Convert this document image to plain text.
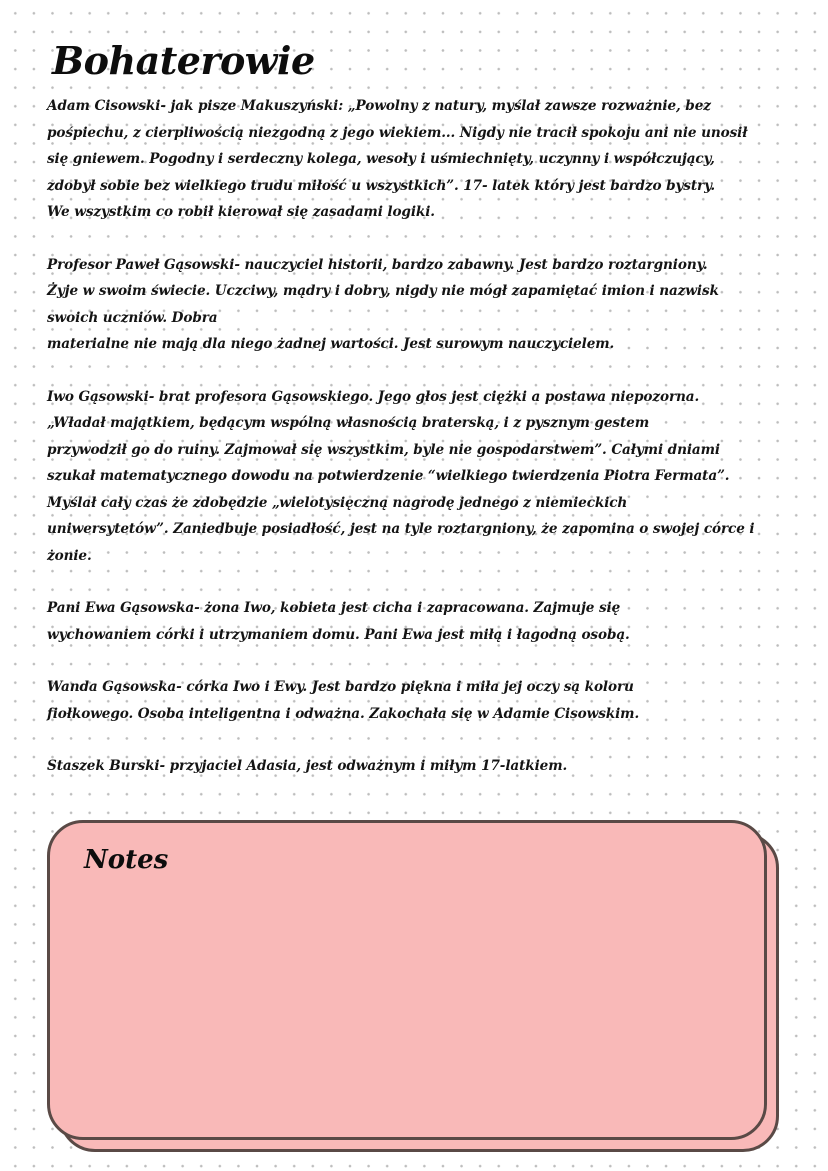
Bohaterowie

Adam Cisowski- jak pisze Makuszyński: „Powolny z natury, myślał zawsze rozważnie, bez
pośpiechu, z cierpliwością niezgodną z jego wiekiem... Nigdy nie tracił spokoju ani nie unosił
się gniewem. Pogodny i serdeczny kolega, wesoły i uśmiechnięty, uczynny i współczujący,
zdobył sobie bez wielkiego trudu miłość u wszystkich”. 17- latek który jest bardzo bystry.
We wszystkim co robił kierował się zasadami logiki.

Profesor Paweł Gąsowski- nauczyciel historii, bardzo zabawny. Jest bardzo roztargniony.
Żyje w swoim świecie. Uczciwy, mądry i dobry, nigdy nie mógł zapamiętać imion i nazwisk
swoich uczniów. Dobra
materialne nie mają dla niego żadnej wartości. Jest surowym nauczycielem.

Iwo Gąsowski- brat profesora Gąsowskiego. Jego głos jest ciężki a postawa niepozorna.
„Władał majątkiem, będącym wspólną własnością braterską, i z pysznym gestem
przywodził go do ruiny. Zajmował się wszystkim, byle nie gospodarstwem”. Całymi dniami
szukał matematycznego dowodu na potwierdzenie “wielkiego twierdzenia Piotra Fermata”.
Myślał cały czas że zdobędzie „wielotysięczną nagrodę jednego z niemieckich
uniwersytetów”. Zaniedbuje posiadłość, jest na tyle roztargniony, że zapomina o swojej córce i
żonie.

Pani Ewa Gąsowska- żona Iwo, kobieta jest cicha i zapracowana. Zajmuje się
wychowaniem córki i utrzymaniem domu. Pani Ewa jest miłą i łagodną osobą.

Wanda Gąsowska- córka Iwo i Ewy. Jest bardzo piękna i miła jej oczy są koloru
fiołkowego. Osoba inteligentna i odważna. Zakochała się w Adamie Cisowskim.

Staszek Burski- przyjaciel Adasia, jest odważnym i miłym 17-latkiem.

Notes
